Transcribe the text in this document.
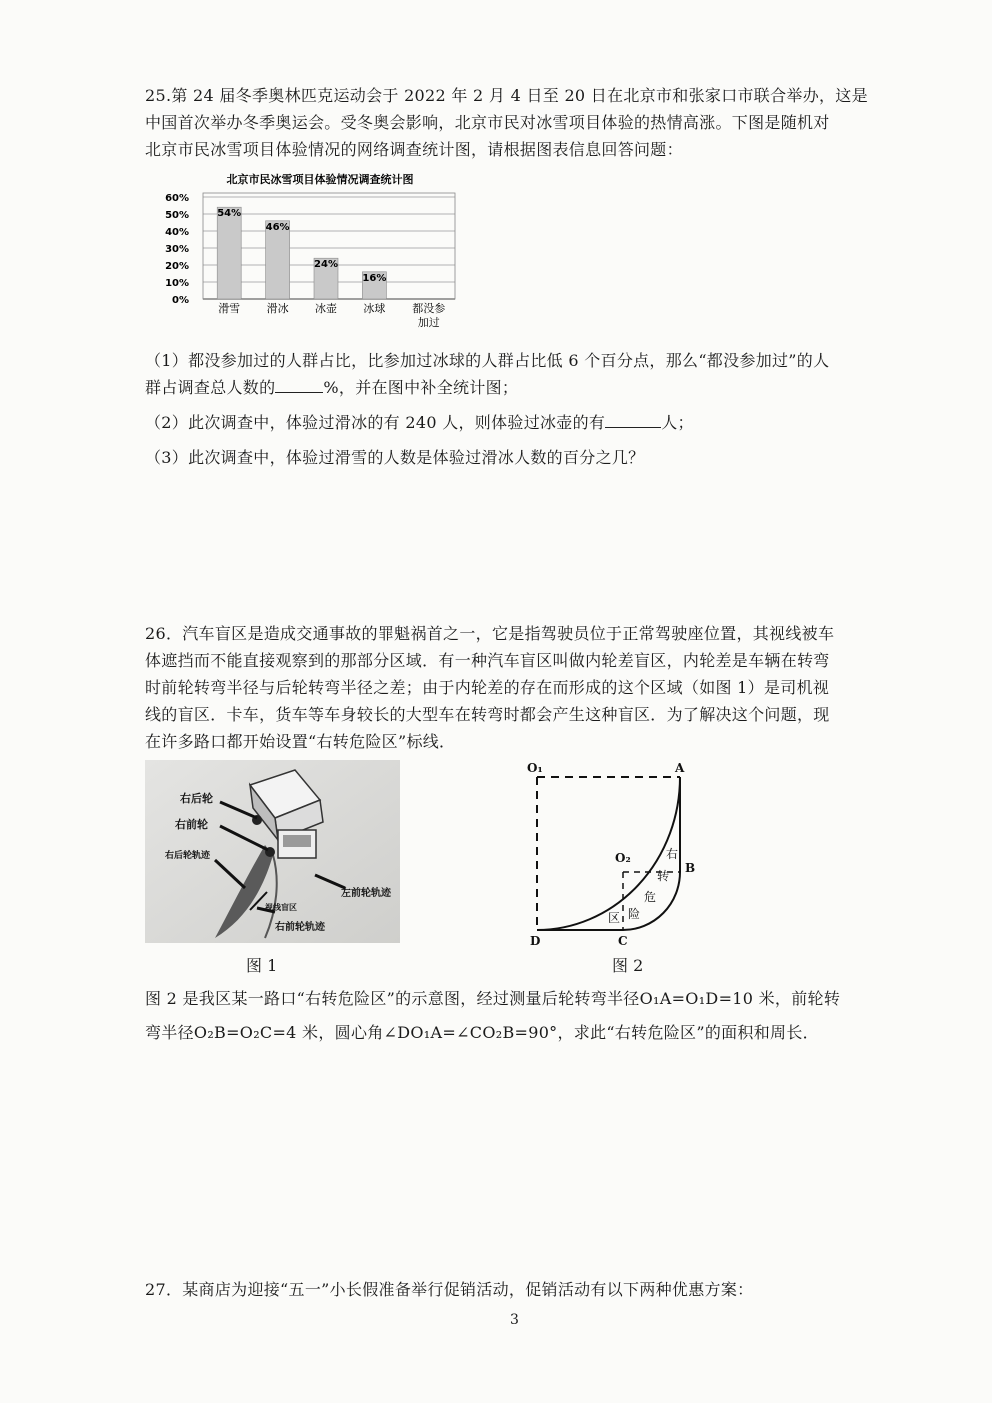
25.第 24 届冬季奥林匹克运动会于 2022 年 2 月 4 日至 20 日在北京市和张家口市联合举办，这是
中国首次举办冬季奥运会。受冬奥会影响，北京市民对冰雪项目体验的热情高涨。下图是随机对
北京市民冰雪项目体验情况的网络调查统计图，请根据图表信息回答问题：
北京市民冰雪项目体验情况调查统计图
0%
10%
20%
30%
40%
50%
60%
54%
46%
24%
16%
滑雪 滑冰 冰壶 冰球 都没参
加过
（1）都没参加过的人群占比，比参加过冰球的人群占比低 6 个百分点，那么“都没参加过”的人
群占调查总人数的	%，并在图中补全统计图；
（2）此次调查中，体验过滑冰的有 240 人，则体验过冰壶的有	人；
（3）此次调查中，体验过滑雪的人数是体验过滑冰人数的百分之几？
26．汽车盲区是造成交通事故的罪魁祸首之一，它是指驾驶员位于正常驾驶座位置，其视线被车
体遮挡而不能直接观察到的那部分区域．有一种汽车盲区叫做内轮差盲区，内轮差是车辆在转弯
时前轮转弯半径与后轮转弯半径之差；由于内轮差的存在而形成的这个区域（如图 1）是司机视
线的盲区．卡车，货车等车身较长的大型车在转弯时都会产生这种盲区．为了解决这个问题，现
在许多路口都开始设置“右转危险区”标线．
右后轮
右前轮
右后轮轨迹
视线盲区
左前轮轨迹
右前轮轨迹
O₁	A
O₂
B
C
D
右
转
危
险
区
图 1	图 2
图 2 是我区某一路口“右转危险区”的示意图，经过测量后轮转弯半径O₁A=O₁D=10 米，前轮转
弯半径O₂B=O₂C=4 米，圆心角∠DO₁A=∠CO₂B=90°，求此“右转危险区”的面积和周长．
27．某商店为迎接“五一”小长假准备举行促销活动，促销活动有以下两种优惠方案：
3
